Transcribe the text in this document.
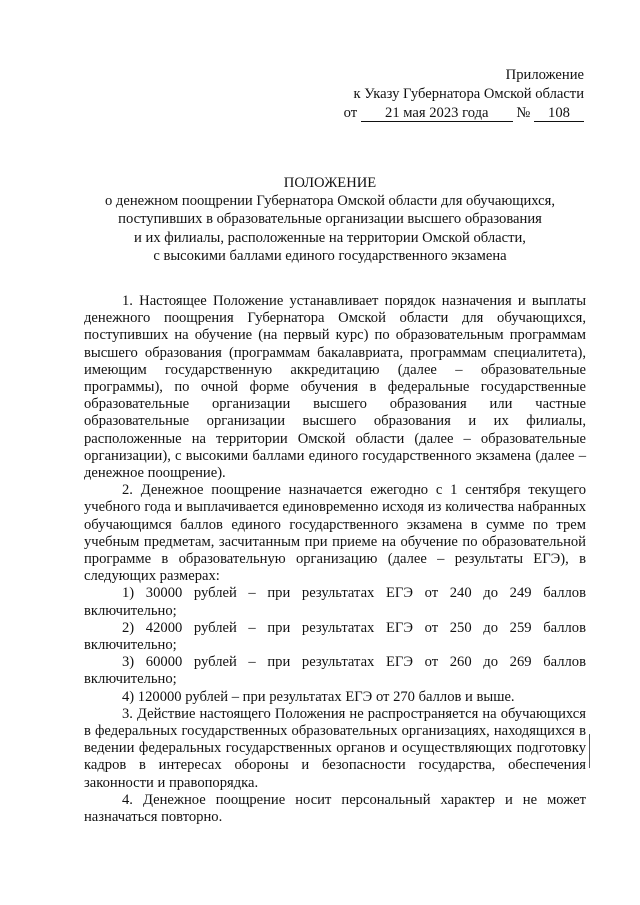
Приложение
к Указу Губернатора Омской области
от 21 мая 2023 года № 108
ПОЛОЖЕНИЕ
о денежном поощрении Губернатора Омской области для обучающихся,
поступивших в образовательные организации высшего образования
и их филиалы, расположенные на территории Омской области,
с высокими баллами единого государственного экзамена

1. Настоящее Положение устанавливает порядок назначения и выплаты денежного поощрения Губернатора Омской области для обучающихся, поступивших на обучение (на первый курс) по образовательным программам высшего образования (программам бакалавриата, программам специалитета), имеющим государственную аккредитацию (далее – образовательные программы), по очной форме обучения в федеральные государственные образовательные организации высшего образования или частные образовательные организации высшего образования и их филиалы, расположенные на территории Омской области (далее – образовательные организации), с высокими баллами единого государственного экзамена (далее – денежное поощрение).

2. Денежное поощрение назначается ежегодно с 1 сентября текущего учебного года и выплачивается единовременно исходя из количества набранных обучающимся баллов единого государственного экзамена в сумме по трем учебным предметам, засчитанным при приеме на обучение по образовательной программе в образовательную организацию (далее – результаты ЕГЭ), в следующих размерах:

1) 30000 рублей – при результатах ЕГЭ от 240 до 249 баллов включительно;

2) 42000 рублей – при результатах ЕГЭ от 250 до 259 баллов включительно;

3) 60000 рублей – при результатах ЕГЭ от 260 до 269 баллов включительно;

4) 120000 рублей – при результатах ЕГЭ от 270 баллов и выше.

3. Действие настоящего Положения не распространяется на обучающихся в федеральных государственных образовательных организациях, находящихся в ведении федеральных государственных органов и осуществляющих подготовку кадров в интересах обороны и безопасности государства, обеспечения законности и правопорядка.

4. Денежное поощрение носит персональный характер и не может назначаться повторно.
